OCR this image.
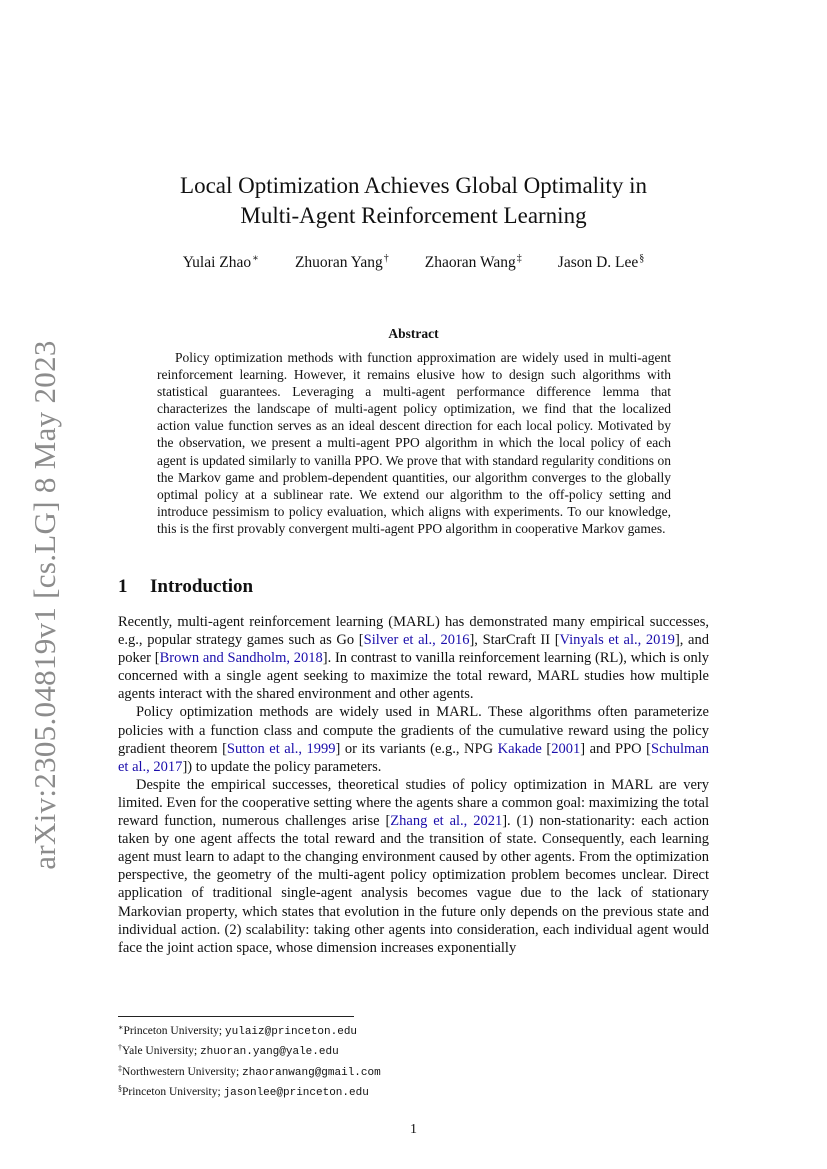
arXiv:2305.04819v1 [cs.LG] 8 May 2023
Local Optimization Achieves Global Optimality in
Multi-Agent Reinforcement Learning
Yulai Zhao∗ Zhuoran Yang† Zhaoran Wang‡ Jason D. Lee§
Abstract

Policy optimization methods with function approximation are widely used in multi-agent reinforcement learning. However, it remains elusive how to design such algorithms with statistical guarantees. Leveraging a multi-agent performance difference lemma that characterizes the landscape of multi-agent policy optimization, we find that the localized action value function serves as an ideal descent direction for each local policy. Motivated by the observation, we present a multi-agent PPO algorithm in which the local policy of each agent is updated similarly to vanilla PPO. We prove that with standard regularity conditions on the Markov game and problem-dependent quantities, our algorithm converges to the globally optimal policy at a sublinear rate. We extend our algorithm to the off-policy setting and introduce pessimism to policy evaluation, which aligns with experiments. To our knowledge, this is the first provably convergent multi-agent PPO algorithm in cooperative Markov games.

1 Introduction

Recently, multi-agent reinforcement learning (MARL) has demonstrated many empirical successes, e.g., popular strategy games such as Go [Silver et al., 2016], StarCraft II [Vinyals et al., 2019], and poker [Brown and Sandholm, 2018]. In contrast to vanilla reinforcement learning (RL), which is only concerned with a single agent seeking to maximize the total reward, MARL studies how multiple agents interact with the shared environment and other agents.

Policy optimization methods are widely used in MARL. These algorithms often parameterize policies with a function class and compute the gradients of the cumulative reward using the policy gradient theorem [Sutton et al., 1999] or its variants (e.g., NPG Kakade [2001] and PPO [Schulman et al., 2017]) to update the policy parameters.

Despite the empirical successes, theoretical studies of policy optimization in MARL are very limited. Even for the cooperative setting where the agents share a common goal: maximizing the total reward function, numerous challenges arise [Zhang et al., 2021]. (1) non-stationarity: each action taken by one agent affects the total reward and the transition of state. Consequently, each learning agent must learn to adapt to the changing environment caused by other agents. From the optimization perspective, the geometry of the multi-agent policy optimization problem becomes unclear. Direct application of traditional single-agent analysis becomes vague due to the lack of stationary Markovian property, which states that evolution in the future only depends on the previous state and individual action. (2) scalability: taking other agents into consideration, each individual agent would face the joint action space, whose dimension increases exponentially

∗Princeton University; yulaiz@princeton.edu
†Yale University; zhuoran.yang@yale.edu
‡Northwestern University; zhaoranwang@gmail.com
§Princeton University; jasonlee@princeton.edu
1
